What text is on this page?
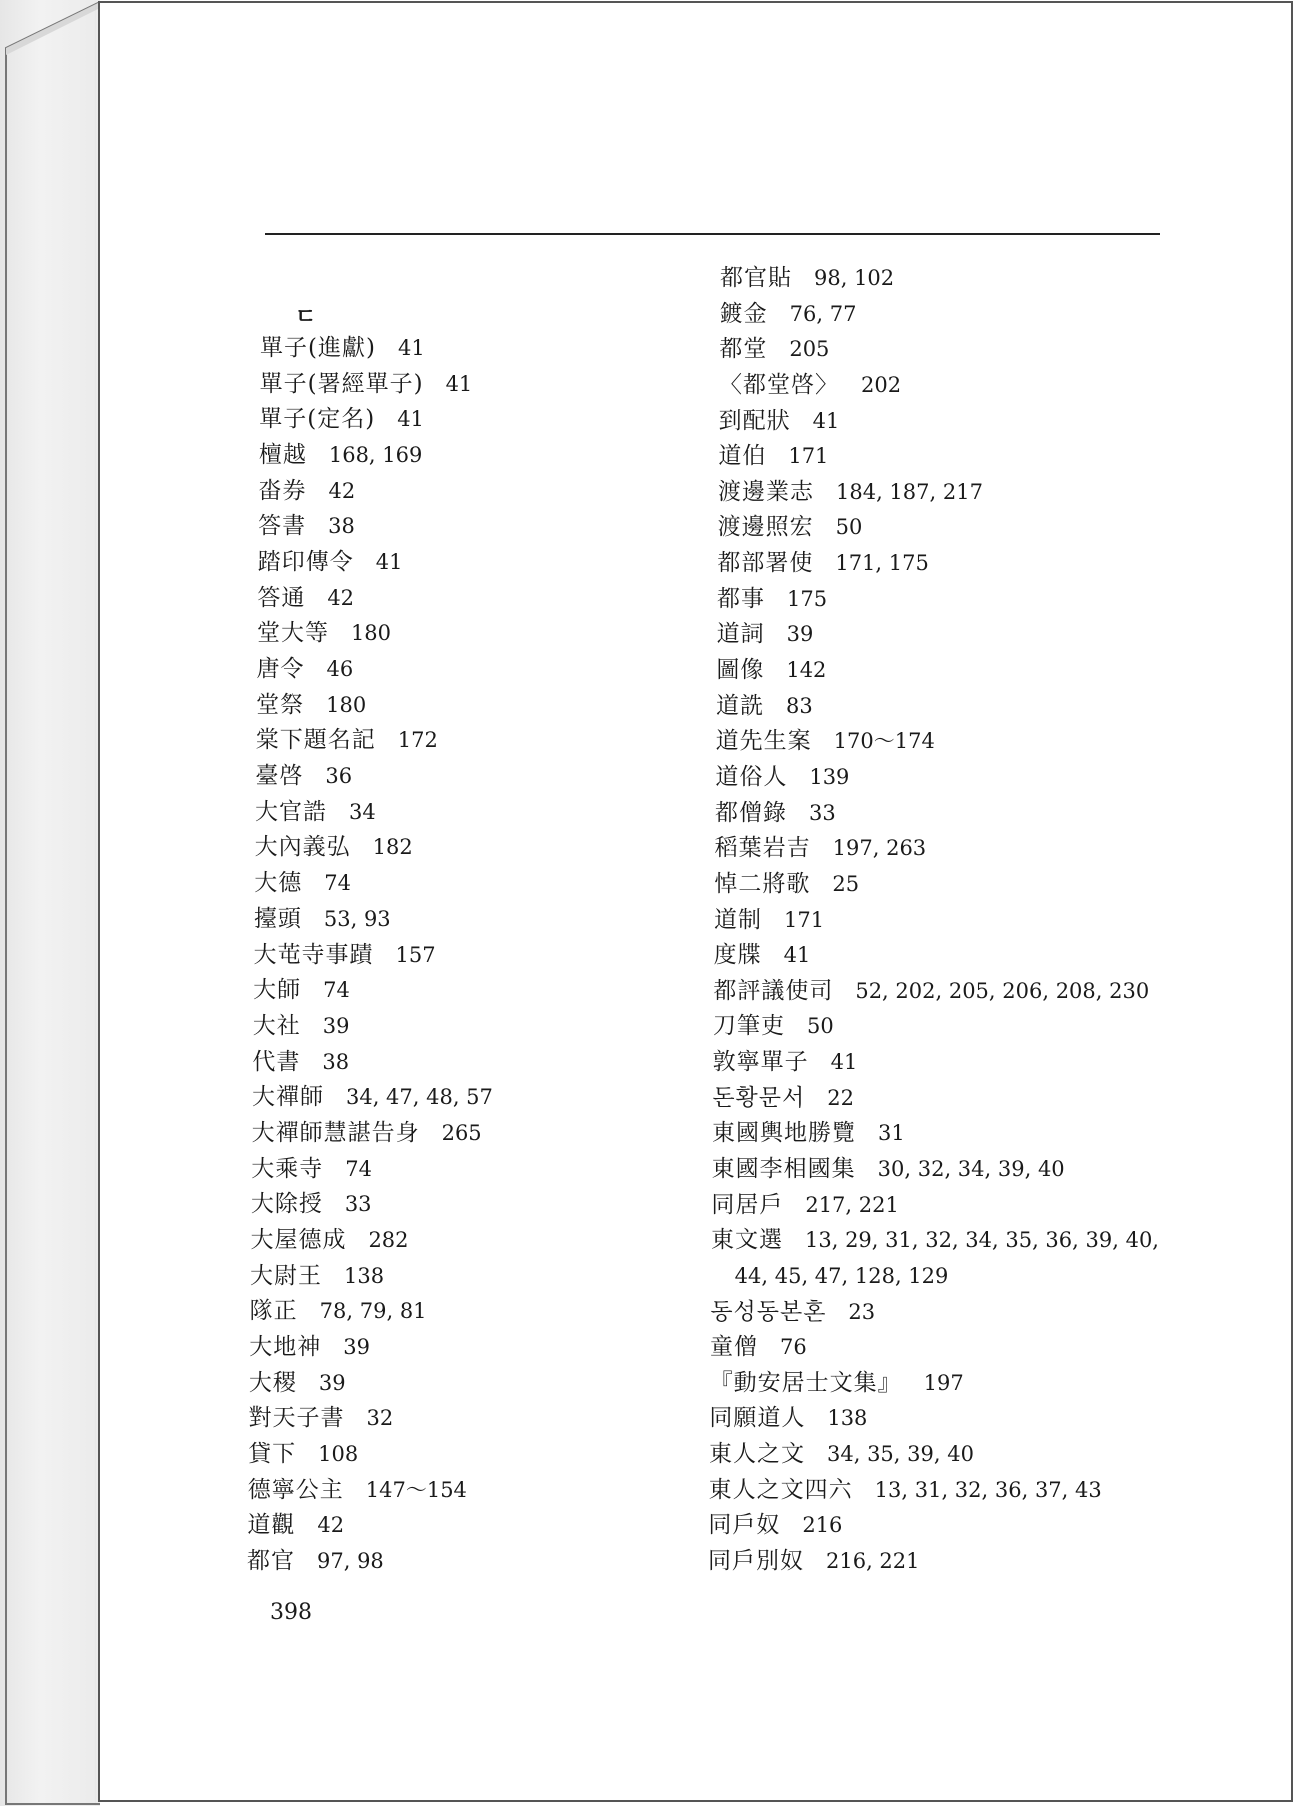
ㄷ
單子(進獻) 41
單子(署經單子) 41
單子(定名) 41
檀越 168, 169
畓券 42
答書 38
踏印傳令 41
答通 42
堂大等 180
唐令 46
堂祭 180
棠下題名記 172
臺啓 36
大官誥 34
大內義弘 182
大德 74
擡頭 53, 93
大芚寺事蹟 157
大師 74
大社 39
代書 38
大禪師 34, 47, 48, 57
大禪師慧諶告身 265
大乘寺 74
大除授 33
大屋德成 282
大尉王 138
隊正 78, 79, 81
大地神 39
大稷 39
對天子書 32
貸下 108
德寧公主 147～154
道觀 42
都官 97, 98
都官貼 98, 102
鍍金 76, 77
都堂 205
〈都堂啓〉 202
到配狀 41
道伯 171
渡邊業志 184, 187, 217
渡邊照宏 50
都部署使 171, 175
都事 175
道詞 39
圖像 142
道詵 83
道先生案 170～174
道俗人 139
都僧錄 33
稻葉岩吉 197, 263
悼二將歌 25
道制 171
度牒 41
都評議使司 52, 202, 205, 206, 208, 230
刀筆吏 50
敦寧單子 41
돈황문서 22
東國輿地勝覽 31
東國李相國集 30, 32, 34, 39, 40
同居戶 217, 221
東文選 13, 29, 31, 32, 34, 35, 36, 39, 40,
44, 45, 47, 128, 129
동성동본혼 23
童僧 76
『動安居士文集』 197
同願道人 138
東人之文 34, 35, 39, 40
東人之文四六 13, 31, 32, 36, 37, 43
同戶奴 216
同戶別奴 216, 221
398
